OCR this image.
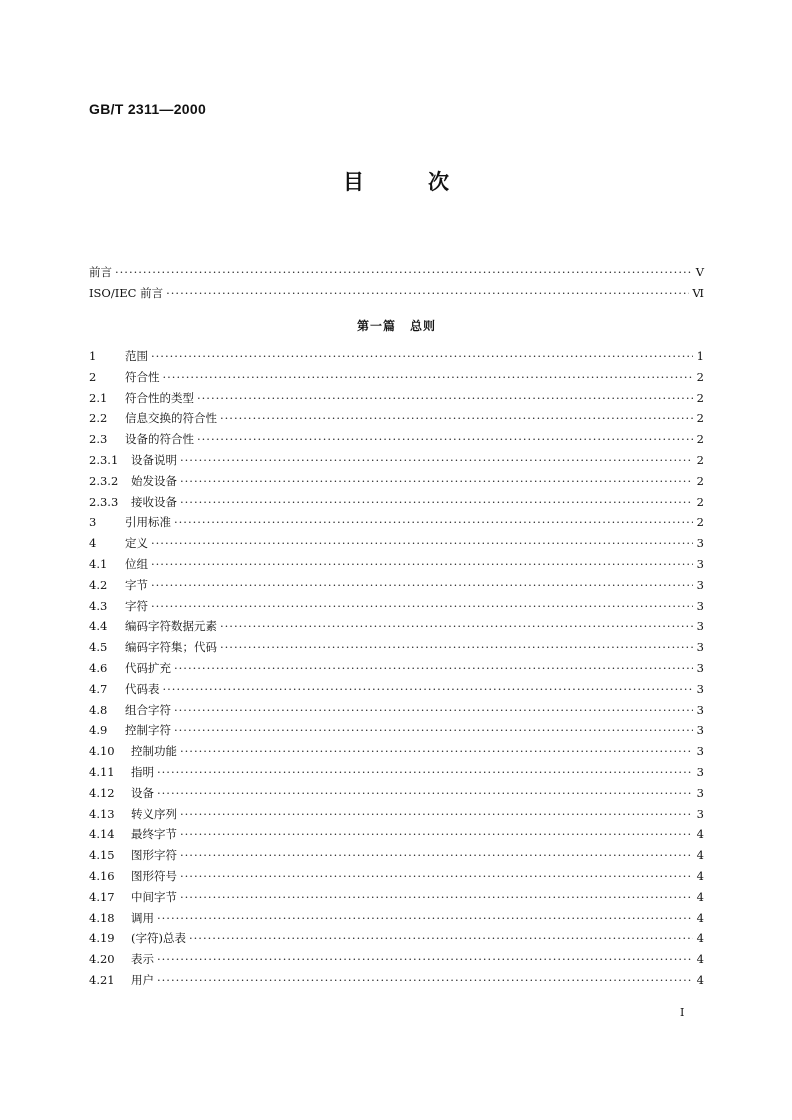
GB/T 2311—2000
目	次
前言 ·····	Ⅴ
ISO/IEC 前言 ·····	Ⅵ
第一篇 总则
1 范围 ·····	1
2 符合性 ·····	2
2.1 符合性的类型 ·····	2
2.2 信息交换的符合性 ·····	2
2.3 设备的符合性 ·····	2
2.3.1 设备说明 ·····	2
2.3.2 始发设备 ·····	2
2.3.3 接收设备 ·····	2
3 引用标准 ·····	2
4 定义 ·····	3
4.1 位组 ·····	3
4.2 字节 ·····	3
4.3 字符 ·····	3
4.4 编码字符数据元素 ·····	3
4.5 编码字符集；代码 ·····	3
4.6 代码扩充 ·····	3
4.7 代码表 ·····	3
4.8 组合字符 ·····	3
4.9 控制字符 ·····	3
4.10 控制功能 ·····	3
4.11 指明 ·····	3
4.12 设备 ·····	3
4.13 转义序列 ·····	3
4.14 最终字节 ·····	4
4.15 图形字符 ·····	4
4.16 图形符号 ·····	4
4.17 中间字节 ·····	4
4.18 调用 ·····	4
4.19 (字符)总表 ·····	4
4.20 表示 ·····	4
4.21 用户 ·····	4
I
